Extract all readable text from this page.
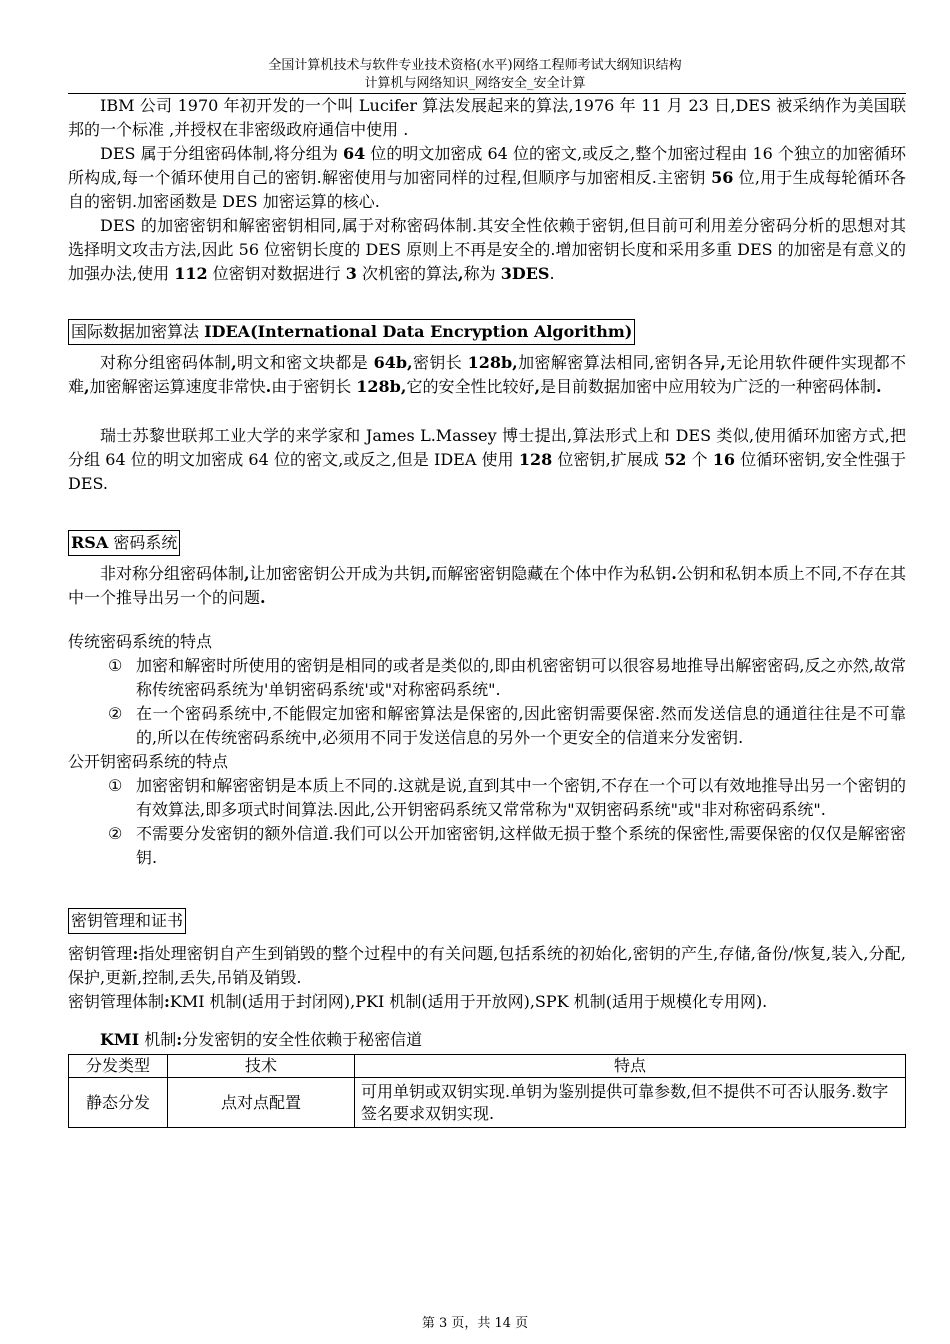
全国计算机技术与软件专业技术资格(水平)网络工程师考试大纲知识结构
计算机与网络知识_网络安全_安全计算

IBM 公司 1970 年初开发的一个叫 Lucifer 算法发展起来的算法,1976 年 11 月 23 日,DES 被采纳作为美国联邦的一个标准 ,并授权在非密级政府通信中使用 .

DES 属于分组密码体制,将分组为 64 位的明文加密成 64 位的密文,或反之,整个加密过程由 16 个独立的加密循环所构成,每一个循环使用自己的密钥.解密使用与加密同样的过程,但顺序与加密相反.主密钥 56 位,用于生成每轮循环各自的密钥.加密函数是 DES 加密运算的核心.

DES 的加密密钥和解密密钥相同,属于对称密码体制.其安全性依赖于密钥,但目前可利用差分密码分析的思想对其选择明文攻击方法,因此 56 位密钥长度的 DES 原则上不再是安全的.增加密钥长度和采用多重 DES 的加密是有意义的加强办法,使用 112 位密钥对数据进行 3 次机密的算法,称为 3DES.

国际数据加密算法 IDEA(International Data Encryption Algorithm)

对称分组密码体制,明文和密文块都是 64b,密钥长 128b,加密解密算法相同,密钥各异,无论用软件硬件实现都不难,加密解密运算速度非常快.由于密钥长 128b,它的安全性比较好,是目前数据加密中应用较为广泛的一种密码体制.

瑞士苏黎世联邦工业大学的来学家和 James L.Massey 博士提出,算法形式上和 DES 类似,使用循环加密方式,把分组 64 位的明文加密成 64 位的密文,或反之,但是 IDEA 使用 128 位密钥,扩展成 52 个 16 位循环密钥,安全性强于 DES.

RSA 密码系统

非对称分组密码体制,让加密密钥公开成为共钥,而解密密钥隐藏在个体中作为私钥.公钥和私钥本质上不同,不存在其中一个推导出另一个的问题.

传统密码系统的特点

① 加密和解密时所使用的密钥是相同的或者是类似的,即由机密密钥可以很容易地推导出解密密码,反之亦然,故常称传统密码系统为'单钥密码系统'或"对称密码系统".
② 在一个密码系统中,不能假定加密和解密算法是保密的,因此密钥需要保密.然而发送信息的通道往往是不可靠的,所以在传统密码系统中,必须用不同于发送信息的另外一个更安全的信道来分发密钥.

公开钥密码系统的特点

① 加密密钥和解密密钥是本质上不同的.这就是说,直到其中一个密钥,不存在一个可以有效地推导出另一个密钥的有效算法,即多项式时间算法.因此,公开钥密码系统又常常称为"双钥密码系统"或"非对称密码系统".
② 不需要分发密钥的额外信道.我们可以公开加密密钥,这样做无损于整个系统的保密性,需要保密的仅仅是解密密钥.
密钥管理和证书

密钥管理:指处理密钥自产生到销毁的整个过程中的有关问题,包括系统的初始化,密钥的产生,存储,备份/恢复,装入,分配,保护,更新,控制,丢失,吊销及销毁.

密钥管理体制:KMI 机制(适用于封闭网),PKI 机制(适用于开放网),SPK 机制(适用于规模化专用网).

KMI 机制:分发密钥的安全性依赖于秘密信道

分发类型	技术	特点
静态分发	点对点配置	可用单钥或双钥实现.单钥为鉴别提供可靠参数,但不提供不可否认服务.数字签名要求双钥实现.
第 3 页，共 14 页
